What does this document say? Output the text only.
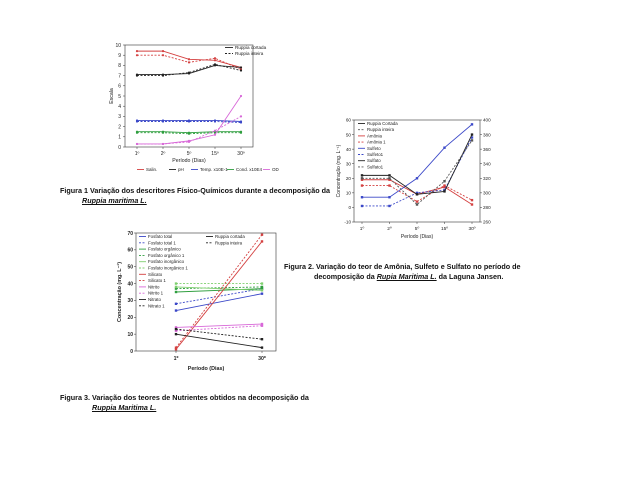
0
1
2
3
4
5
6
7
8
9
10
1º	2º	5º	15º	30º
Período (Dias)
Escala
Ruppia cortada
Ruppia inteira
Salin.	pH	Temp. x10E-1 Cond. x10E4 OD
Figura 1 Variação dos descritores Físico-Químicos durante a decomposição da
Ruppia maritima L.
-10
0
10
20
30
40
50
60
260
280
300
320
340
360
380
400
1º	2º	5º	15º	30º
Período (Dias)
Concentração (mg. L⁻¹)
Ruppia Cortada
Ruppia inteira
Amônia
Amônia 1
Sulfeto
Sulfeto1
Sulfato
Sulfato1
Figura 2. Variação do teor de Amônia, Sulfeto e Sulfato no período de
decomposição da Rupia Maritima L. da Laguna Jansen.
0
10
20
30
40
50
60
70
1º	30º
Período (Dias)
Concentração (mg. L⁻¹)
Fosfato total
Fosfato total 1
Fosfato orgânico
Fosfato orgânico 1
Fosfato inorgânico
Fosfato inorgânico 1
Silicato
Silicato 1
Nitrito
Nitrito 1
Nitrato
Nitrato 1
Ruppia cortada
Ruppia inteira
Figura 3. Variação dos teores de Nutrientes obtidos na decomposição da
Ruppia Maritima L.
